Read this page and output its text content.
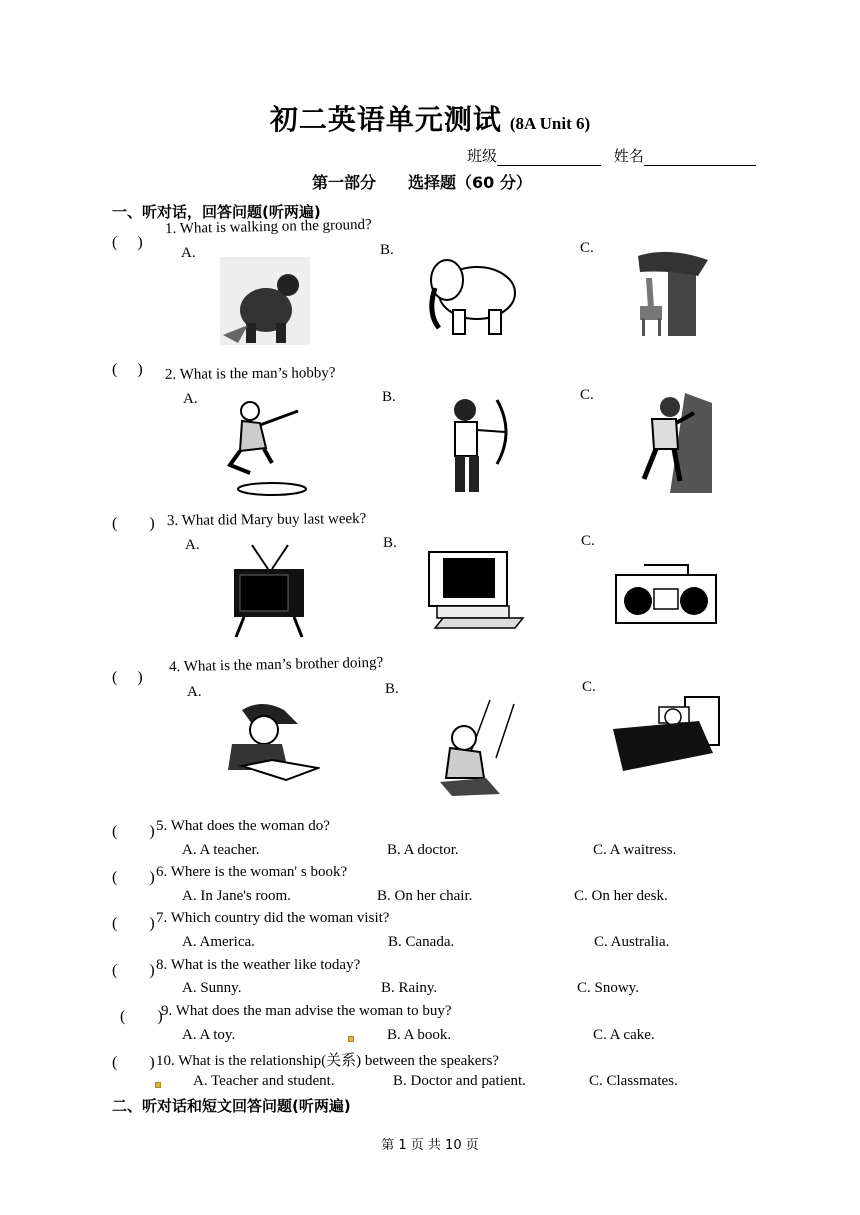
初二英语单元测试 (8A Unit 6)
班级	姓名
第一部分　　选择题（60 分）
一、听对话，回答问题(听两遍)
(　 )
1. What is walking on the ground?
A.	B.	C.
(　 ) 2. What is the man’s hobby?
A.	B.	C.
(　　) 3. What did Mary buy last week?
A.	B.	C.
(　 )
4. What is the man’s brother doing?
A.	B.	C.
(　　) 5. What does the woman do?
A. A teacher.	B. A doctor.	C. A waitress.
(　　) 6. Where is the woman' s book?
A. In Jane's room.	B. On her chair.	C. On her desk.
(　　) 7. Which country did the woman visit?
A. America.	B. Canada.	C. Australia.
(　　) 8. What is the weather like today?
A. Sunny.	B. Rainy.	C. Snowy.
(　　)
9. What does the man advise the woman to buy?
A. A toy.	B. A book.	C. A cake.
(　　) 10. What is the relationship(关系) between the speakers?
A. Teacher and student.	B. Doctor and patient.	C. Classmates.
二、听对话和短文回答问题(听两遍)
第 1 页 共 10 页
